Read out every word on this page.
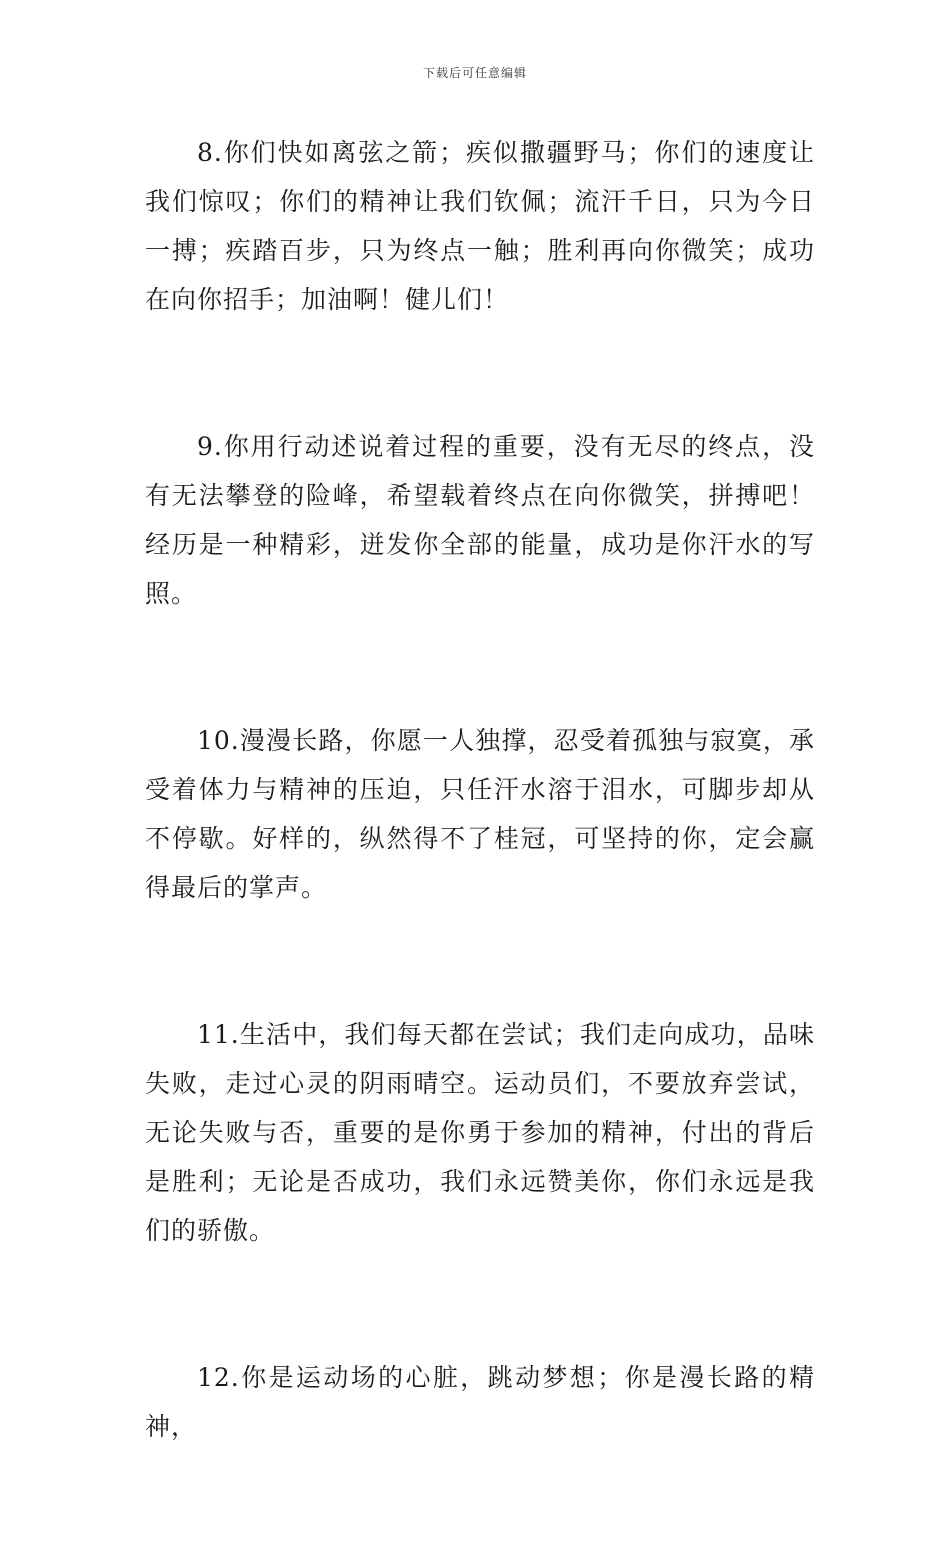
下载后可任意编辑

8.你们快如离弦之箭；疾似撒疆野马；你们的速度让我们惊叹；你们的精神让我们钦佩；流汗千日，只为今日一搏；疾踏百步，只为终点一触；胜利再向你微笑；成功在向你招手；加油啊！健儿们！

9.你用行动述说着过程的重要，没有无尽的终点，没有无法攀登的险峰，希望载着终点在向你微笑，拼搏吧！经历是一种精彩，迸发你全部的能量，成功是你汗水的写照。

10.漫漫长路，你愿一人独撑，忍受着孤独与寂寞，承受着体力与精神的压迫，只任汗水溶于泪水，可脚步却从不停歇。好样的，纵然得不了桂冠，可坚持的你，定会赢得最后的掌声。

11.生活中，我们每天都在尝试；我们走向成功，品味失败，走过心灵的阴雨晴空。运动员们，不要放弃尝试，无论失败与否，重要的是你勇于参加的精神，付出的背后是胜利；无论是否成功，我们永远赞美你，你们永远是我们的骄傲。

12.你是运动场的心脏，跳动梦想；你是漫长路的精神，
